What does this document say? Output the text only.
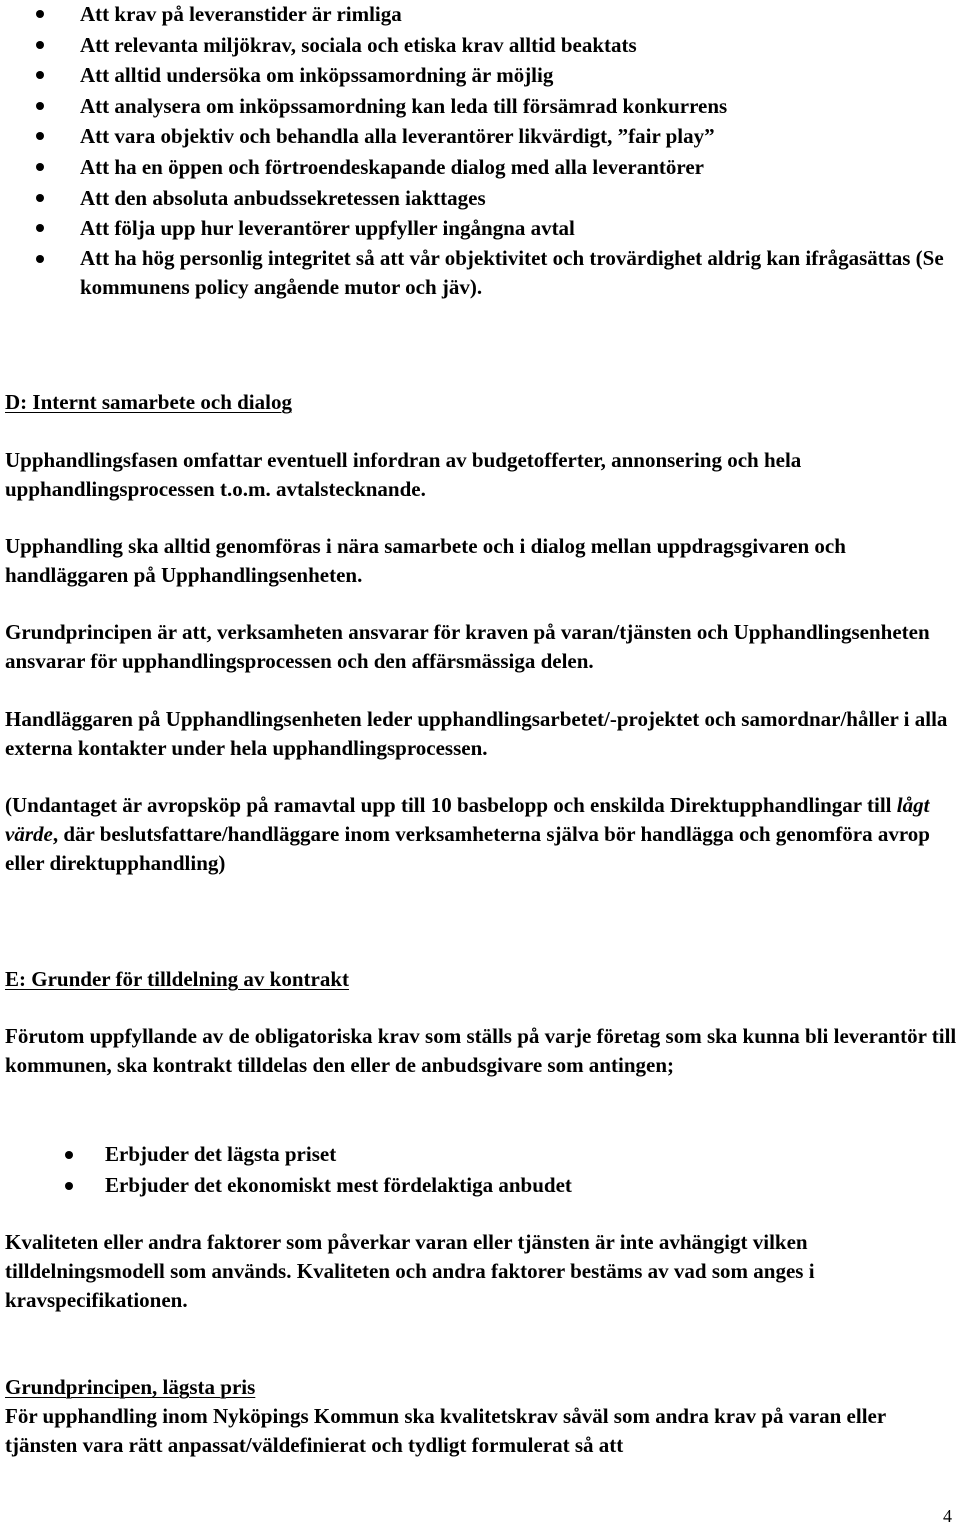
Att krav på leveranstider är rimliga
Att relevanta miljökrav, sociala och etiska krav alltid beaktats
Att alltid undersöka om inköpssamordning är möjlig
Att analysera om inköpssamordning kan leda till försämrad konkurrens
Att vara objektiv och behandla alla leverantörer likvärdigt, ”fair play”
Att ha en öppen och förtroendeskapande dialog med alla leverantörer
Att den absoluta anbudssekretessen iakttages
Att följa upp hur leverantörer uppfyller ingångna avtal
Att ha hög personlig integritet så att vår objektivitet och trovärdighet aldrig kan ifrågasättas (Se kommunens policy angående mutor och jäv).
D: Internt samarbete och dialog

Upphandlingsfasen omfattar eventuell infordran av budgetofferter, annonsering och hela upphandlingsprocessen t.o.m. avtalstecknande.

Upphandling ska alltid genomföras i nära samarbete och i dialog mellan uppdragsgivaren och handläggaren på Upphandlingsenheten.

Grundprincipen är att, verksamheten ansvarar för kraven på varan/tjänsten och Upphandlingsenheten ansvarar för upphandlingsprocessen och den affärsmässiga delen.

Handläggaren på Upphandlingsenheten leder upphandlingsarbetet/-projektet och samordnar/håller i alla externa kontakter under hela upphandlingsprocessen.

(Undantaget är avropsköp på ramavtal upp till 10 basbelopp och enskilda Direktupphandlingar till lågt värde, där beslutsfattare/handläggare inom verksamheterna själva bör handlägga och genomföra avrop eller direktupphandling)

E: Grunder för tilldelning av kontrakt

Förutom uppfyllande av de obligatoriska krav som ställs på varje företag som ska kunna bli leverantör till kommunen, ska kontrakt tilldelas den eller de anbudsgivare som antingen;

Erbjuder det lägsta priset
Erbjuder det ekonomiskt mest fördelaktiga anbudet

Kvaliteten eller andra faktorer som påverkar varan eller tjänsten är inte avhängigt vilken tilldelningsmodell som används. Kvaliteten och andra faktorer bestäms av vad som anges i kravspecifikationen.

Grundprincipen, lägsta pris

För upphandling inom Nyköpings Kommun ska kvalitetskrav såväl som andra krav på varan eller tjänsten vara rätt anpassat/väldefinierat och tydligt formulerat så att

4
